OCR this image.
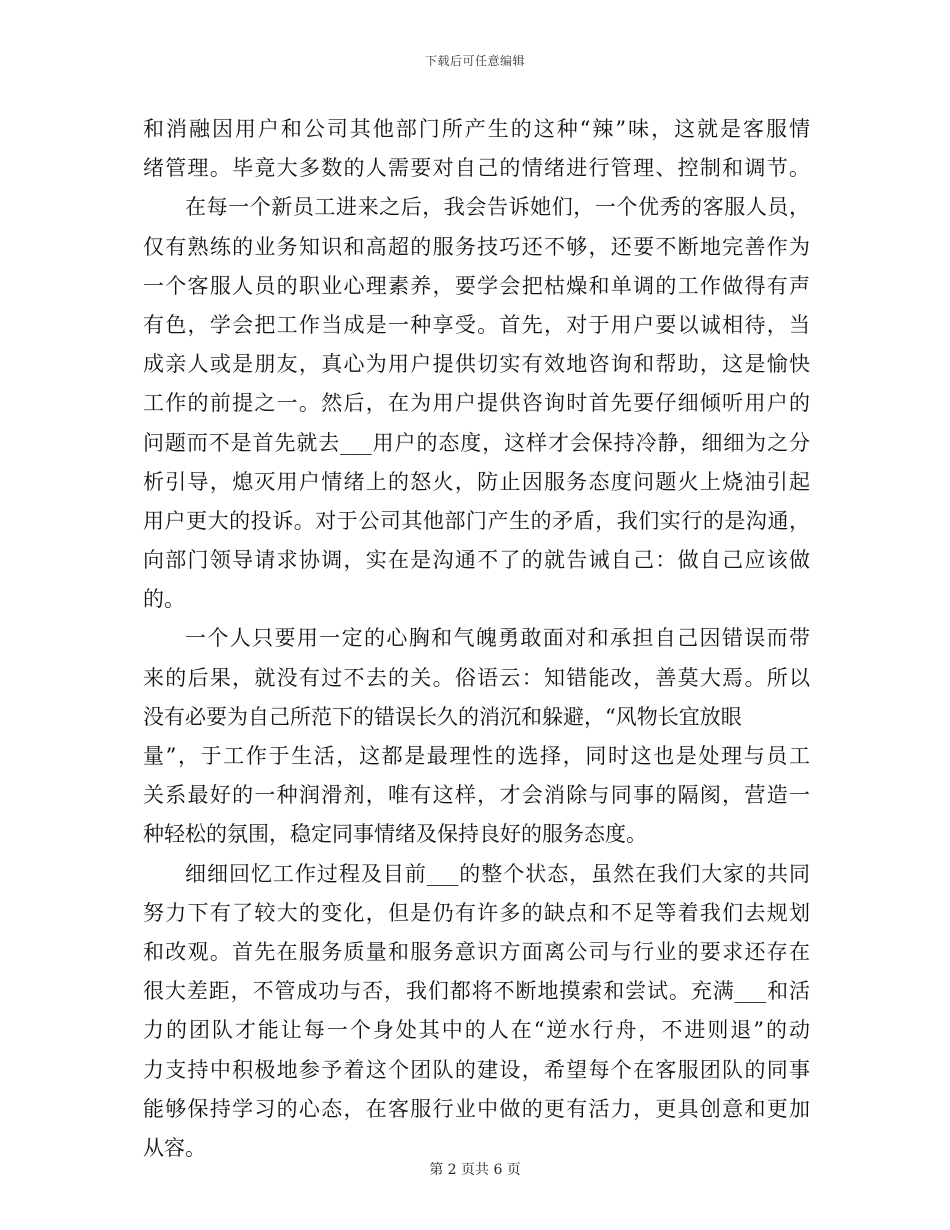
下载后可任意编辑
和消融因用户和公司其他部门所产生的这种“辣”味，这就是客服情
绪管理。毕竟大多数的人需要对自己的情绪进行管理、控制和调节。
在每一个新员工进来之后，我会告诉她们，一个优秀的客服人员，
仅有熟练的业务知识和高超的服务技巧还不够，还要不断地完善作为
一个客服人员的职业心理素养，要学会把枯燥和单调的工作做得有声
有色，学会把工作当成是一种享受。首先，对于用户要以诚相待，当
成亲人或是朋友，真心为用户提供切实有效地咨询和帮助，这是愉快
工作的前提之一。然后，在为用户提供咨询时首先要仔细倾听用户的
问题而不是首先就去___用户的态度，这样才会保持冷静，细细为之分
析引导，熄灭用户情绪上的怒火，防止因服务态度问题火上烧油引起
用户更大的投诉。对于公司其他部门产生的矛盾，我们实行的是沟通，
向部门领导请求协调，实在是沟通不了的就告诫自己：做自己应该做
的。
一个人只要用一定的心胸和气魄勇敢面对和承担自己因错误而带
来的后果，就没有过不去的关。俗语云：知错能改，善莫大焉。所以
没有必要为自己所范下的错误长久的消沉和躲避，“风物长宜放眼
量”，于工作于生活，这都是最理性的选择，同时这也是处理与员工
关系最好的一种润滑剂，唯有这样，才会消除与同事的隔阂，营造一
种轻松的氛围，稳定同事情绪及保持良好的服务态度。
细细回忆工作过程及目前___的整个状态，虽然在我们大家的共同
努力下有了较大的变化，但是仍有许多的缺点和不足等着我们去规划
和改观。首先在服务质量和服务意识方面离公司与行业的要求还存在
很大差距，不管成功与否，我们都将不断地摸索和尝试。充满___和活
力的团队才能让每一个身处其中的人在“逆水行舟，不进则退”的动
力支持中积极地参予着这个团队的建设，希望每个在客服团队的同事
能够保持学习的心态，在客服行业中做的更有活力，更具创意和更加
从容。
第 2 页共 6 页
